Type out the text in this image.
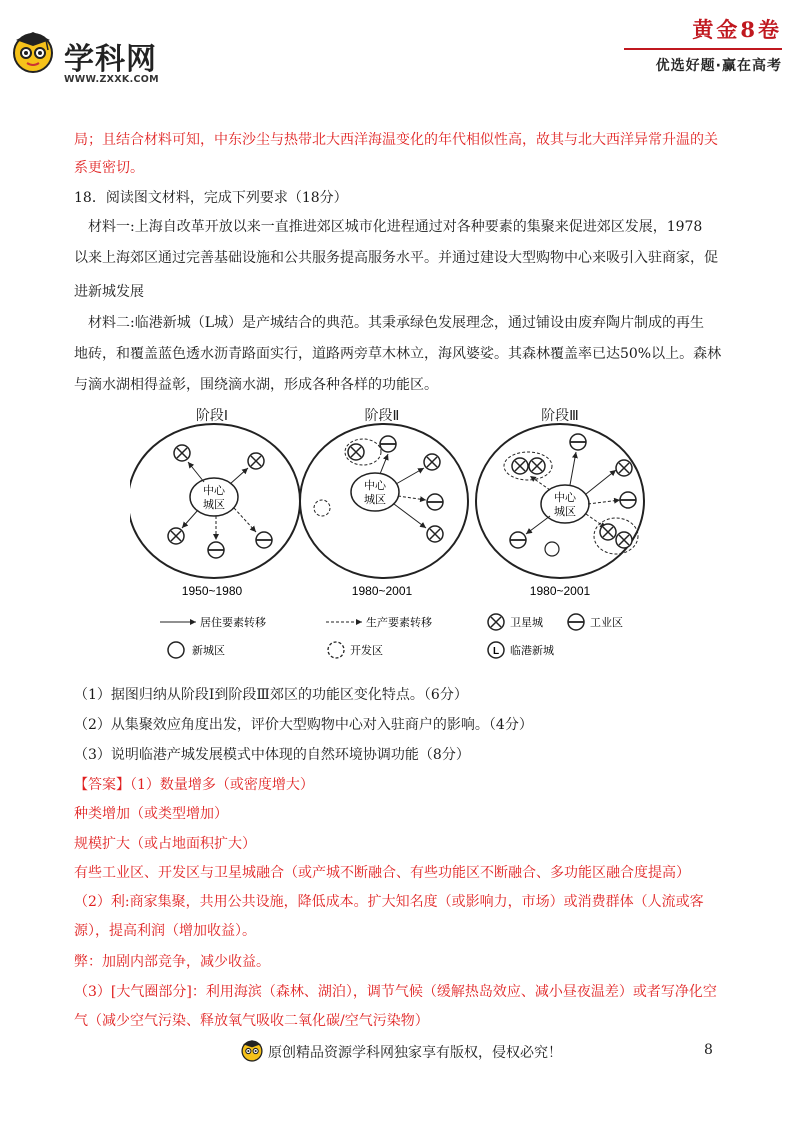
学科网
WWW.ZXXK.COM
黄金8卷
优选好题·赢在高考
局；且结合材料可知，中东沙尘与热带北大西洋海温变化的年代相似性高，故其与北大西洋异常升温的关
系更密切。
18．阅读图文材料，完成下列要求（18分）
　材料一:上海自改革开放以来一直推进郊区城市化进程通过对各种要素的集聚来促进郊区发展，1978
以来上海郊区通过完善基础设施和公共服务提高服务水平。并通过建设大型购物中心来吸引入驻商家，促
进新城发展
　材料二:临港新城（L城）是产城结合的典范。其秉承绿色发展理念，通过铺设由废弃陶片制成的再生
地砖，和覆盖蓝色透水沥青路面实行，道路两旁草木林立，海风婆娑。其森林覆盖率已达50%以上。森林
与滴水湖相得益彰，围绕滴水湖，形成各种各样的功能区。
阶段Ⅰ	阶段Ⅱ	阶段Ⅲ
中心
城区
中心
城区	中心
城区
1950~1980	1980~2001	1980~2001
居住要素转移	生产要素转移	卫星城	工业区
新城区	开发区	L 临港新城
（1）据图归纳从阶段Ⅰ到阶段Ⅲ郊区的功能区变化特点。（6分）
（2）从集聚效应角度出发，评价大型购物中心对入驻商户的影响。（4分）
（3）说明临港产城发展模式中体现的自然环境协调功能（8分）
【答案】（1）数量增多（或密度增大）
种类增加（或类型增加）
规模扩大（或占地面积扩大）
有些工业区、开发区与卫星城融合（或产城不断融合、有些功能区不断融合、多功能区融合度提高）
（2）利:商家集聚，共用公共设施，降低成本。扩大知名度（或影响力，市场）或消费群体（人流或客
源），提高利润（增加收益）。
弊：加剧内部竞争，减少收益。
（3）[大气圈部分]：利用海滨（森林、湖泊），调节气候（缓解热岛效应、减小昼夜温差）或者写净化空
气（减少空气污染、释放氧气吸收二氧化碳/空气污染物）
原创精品资源学科网独家享有版权，侵权必究！	8
